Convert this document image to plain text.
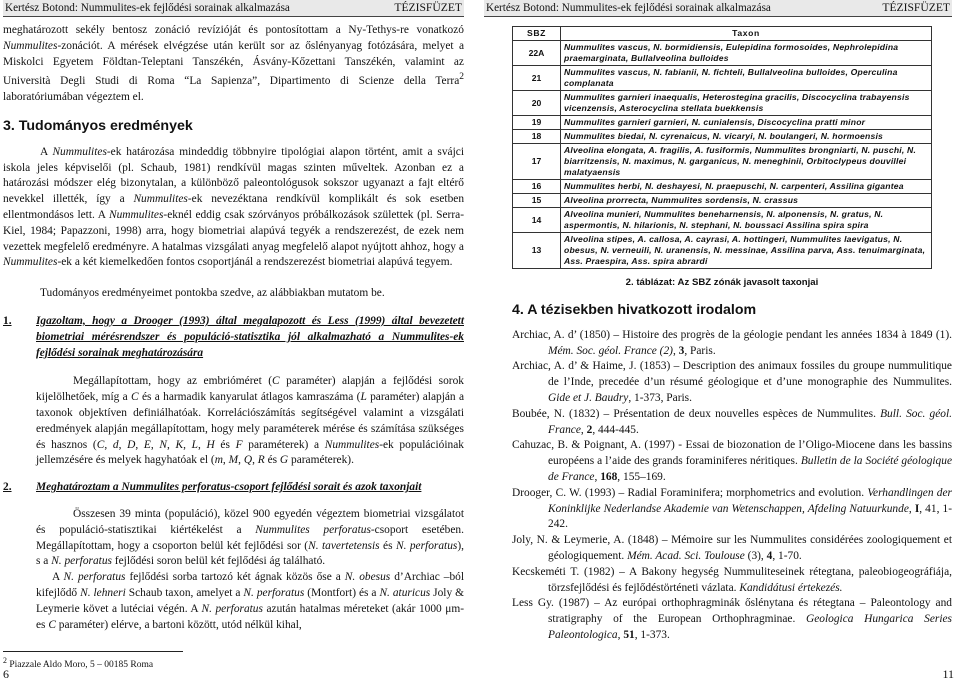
Kertész Botond: Nummulites-ek fejlődési sorainak alkalmazása	TÉZISFÜZET

meghatározott sekély bentosz zonáció revízióját és pontosítottam a Ny-Tethys-re vonatkozó Nummulites-zonációt. A mérések elvégzése után került sor az őslényanyag fotózására, melyet a Miskolci Egyetem Földtan-Teleptani Tanszékén, Ásvány-Kőzettani Tanszékén, valamint az Università Degli Studi di Roma “La Sapienza”, Dipartimento di Scienze della Terra$^2$ laboratóriumában végeztem el.

3. Tudományos eredmények

A Nummulites-ek határozása mindeddig többnyire tipológiai alapon történt, amit a svájci iskola jeles képviselői (pl. Schaub, 1981) rendkívül magas szinten műveltek. Azonban ez a határozási módszer elég bizonytalan, a különböző paleontológusok sokszor ugyanazt a fajt eltérő nevekkel illették, így a Nummulites-ek nevezéktana rendkívül komplikált és sok esetben ellentmondásos lett. A Nummulites-eknél eddig csak szórványos próbálkozások születtek (pl. Serra-Kiel, 1984; Papazzoni, 1998) arra, hogy biometriai alapúvá tegyék a rendszerezést, de ezek nem vezettek megfelelő eredményre. A hatalmas vizsgálati anyag megfelelő alapot nyújtott ahhoz, hogy a Nummulites-ek a két kiemelkedően fontos csoportjánál a rendszerezést biometriai alapúvá tegyem.

Tudományos eredményeimet pontokba szedve, az alábbiakban mutatom be.

1.	Igazoltam, hogy a Drooger (1993) által megalapozott és Less (1999) által bevezetett biometriai mérésrendszer és populáció-statisztika jól alkalmazható a Nummulites-ek fejlődési sorainak meghatározására

Megállapítottam, hogy az embrióméret (C paraméter) alapján a fejlődési sorok kijelölhetőek, míg a C és a harmadik kanyarulat átlagos kamraszáma (L paraméter) alapján a taxonok objektíven definiálhatóak. Korrelációszámítás segítségével valamint a vizsgálati eredmények alapján megállapítottam, hogy mely paraméterek mérése és számítása szükséges és hasznos (C, d, D, E, N, K, L, H és F paraméterek) a Nummulites-ek populációinak jellemzésére és melyek hagyhatóak el (m, M, Q, R és G paraméterek).

2.	Meghatároztam a Nummulites perforatus-csoport fejlődési sorait és azok taxonjait

Összesen 39 minta (populáció), közel 900 egyedén végeztem biometriai vizsgálatot és populáció-statisztikai kiértékelést a Nummulites perforatus-csoport esetében. Megállapítottam, hogy a csoporton belül két fejlődési sor (N. tavertetensis és N. perforatus), s a N. perforatus fejlődési soron belül két fejlődési ág található.
A N. perforatus fejlődési sorba tartozó két ágnak közös őse a N. obesus d’Archiac –ból kifejlődő N. lehneri Schaub taxon, amelyet a N. perforatus (Montfort) és a N. aturicus Joly & Leymerie követ a lutéciai végén. A N. perforatus azután hatalmas méreteket (akár 1000 μm-es C paraméter) elérve, a bartoni között, utód nélkül kihal,

$^2$ Piazzale Aldo Moro, 5 – 00185 Roma
6
Kertész Botond: Nummulites-ek fejlődési sorainak alkalmazása	TÉZISFÜZET
SBZ	Taxon
22A	Nummulites vascus, N. bormidiensis, Eulepidina formosoides, Nephrolepidina praemarginata, Bullalveolina bulloides
21	Nummulites vascus, N. fabianii, N. fichteli, Bullalveolina bulloides, Operculina complanata
20	Nummulites garnieri inaequalis, Heterostegina gracilis, Discocyclina trabayensis vicenzensis, Asterocyclina stellata buekkensis
19	Nummulites garnieri garnieri, N. cunialensis, Discocyclina pratti minor
18	Nummulites biedai, N. cyrenaicus, N. vicaryi, N. boulangeri, N. hormoensis
17	Alveolina elongata, A. fragilis, A. fusiformis, Nummulites brongniarti, N. puschi, N. biarritzensis, N. maximus, N. garganicus, N. meneghinii, Orbitoclypeus douvillei malatyaensis
16	Nummulites herbi, N. deshayesi, N. praepuschi, N. carpenteri, Assilina gigantea
15	Alveolina prorrecta, Nummulites sordensis, N. crassus
14	Alveolina munieri, Nummulites beneharnensis, N. alponensis, N. gratus, N. aspermontis, N. hilarionis, N. stephani, N. boussaci Assilina spira spira
13	Alveolina stipes, A. callosa, A. cayrasi, A. hottingeri, Nummulites laevigatus, N. obesus, N. verneuili, N. uranensis, N. messinae, Assilina parva, Ass. tenuimarginata, Ass. Praespira, Ass. spira abrardi
2. táblázat: Az SBZ zónák javasolt taxonjai
4. A tézisekben hivatkozott irodalom

Archiac, A. d’ (1850) – Histoire des progrès de la géologie pendant les années 1834 à 1849 (1). Mém. Soc. géol. France (2), 3, Paris.

Archiac, A. d’ & Haime, J. (1853) – Description des animaux fossiles du groupe nummulitique de l’Inde, precedée d’un résumé géologique et d’une monographie des Nummulites. Gide et J. Baudry, 1-373, Paris.

Boubée, N. (1832) – Présentation de deux nouvelles espèces de Nummulites. Bull. Soc. géol. France, 2, 444-445.

Cahuzac, B. & Poignant, A. (1997) - Essai de biozonation de l’Oligo-Miocene dans les bassins européens a l’aide des grands foraminiferes néritiques. Bulletin de la Société géologique de France, 168, 155–169.

Drooger, C. W. (1993) – Radial Foraminifera; morphometrics and evolution. Verhandlingen der Koninklijke Nederlandse Akademie van Wetenschappen, Afdeling Natuurkunde, I, 41, 1-242.

Joly, N. & Leymerie, A. (1848) – Mémoire sur les Nummulites considérées zoologiquement et géologiquement. Mém. Acad. Sci. Toulouse (3), 4, 1-70.

Kecskeméti T. (1982) – A Bakony hegység Nummuliteseinek rétegtana, paleobiogeográfiája, törzsfejlődési és fejlődéstörténeti vázlata. Kandidátusi értekezés.

Less Gy. (1987) – Az európai orthophragminák őslénytana és rétegtana – Paleontology and stratigraphy of the European Orthophragminae. Geologica Hungarica Series Paleontologica, 51, 1-373.

11
